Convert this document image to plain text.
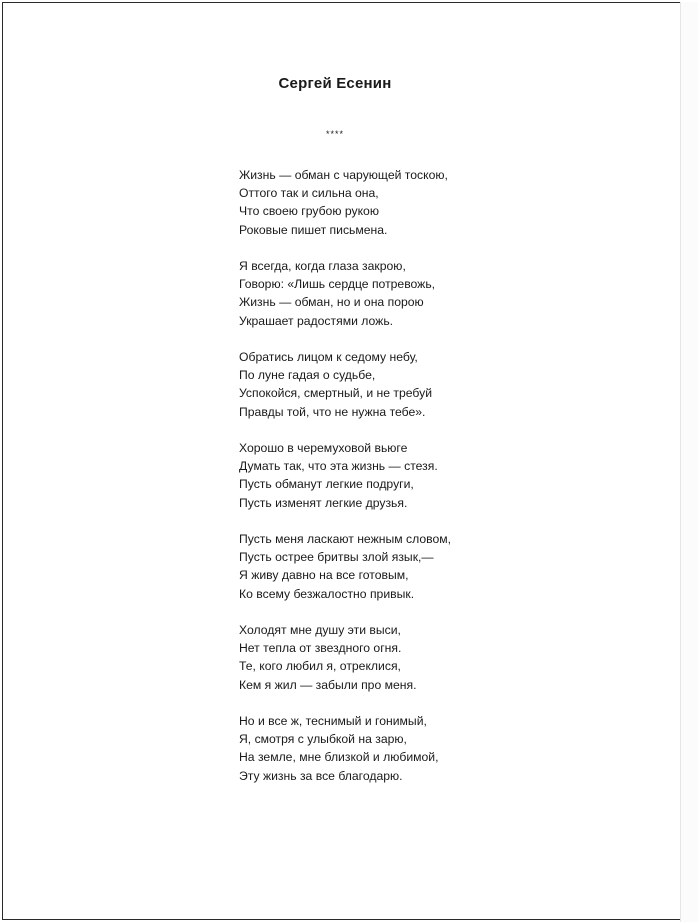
Сергей Есенин
****
Жизнь — обман с чарующей тоскою,
Оттого так и сильна она,
Что своею грубою рукою
Роковые пишет письмена.
Я всегда, когда глаза закрою,
Говорю: «Лишь сердце потревожь,
Жизнь — обман, но и она порою
Украшает радостями ложь.
Обратись лицом к седому небу,
По луне гадая о судьбе,
Успокойся, смертный, и не требуй
Правды той, что не нужна тебе».
Хорошо в черемуховой вьюге
Думать так, что эта жизнь — стезя.
Пусть обманут легкие подруги,
Пусть изменят легкие друзья.
Пусть меня ласкают нежным словом,
Пусть острее бритвы злой язык,—
Я живу давно на все готовым,
Ко всему безжалостно привык.
Холодят мне душу эти выси,
Нет тепла от звездного огня.
Те, кого любил я, отреклися,
Кем я жил — забыли про меня.
Но и все ж, теснимый и гонимый,
Я, смотря с улыбкой на зарю,
На земле, мне близкой и любимой,
Эту жизнь за все благодарю.
